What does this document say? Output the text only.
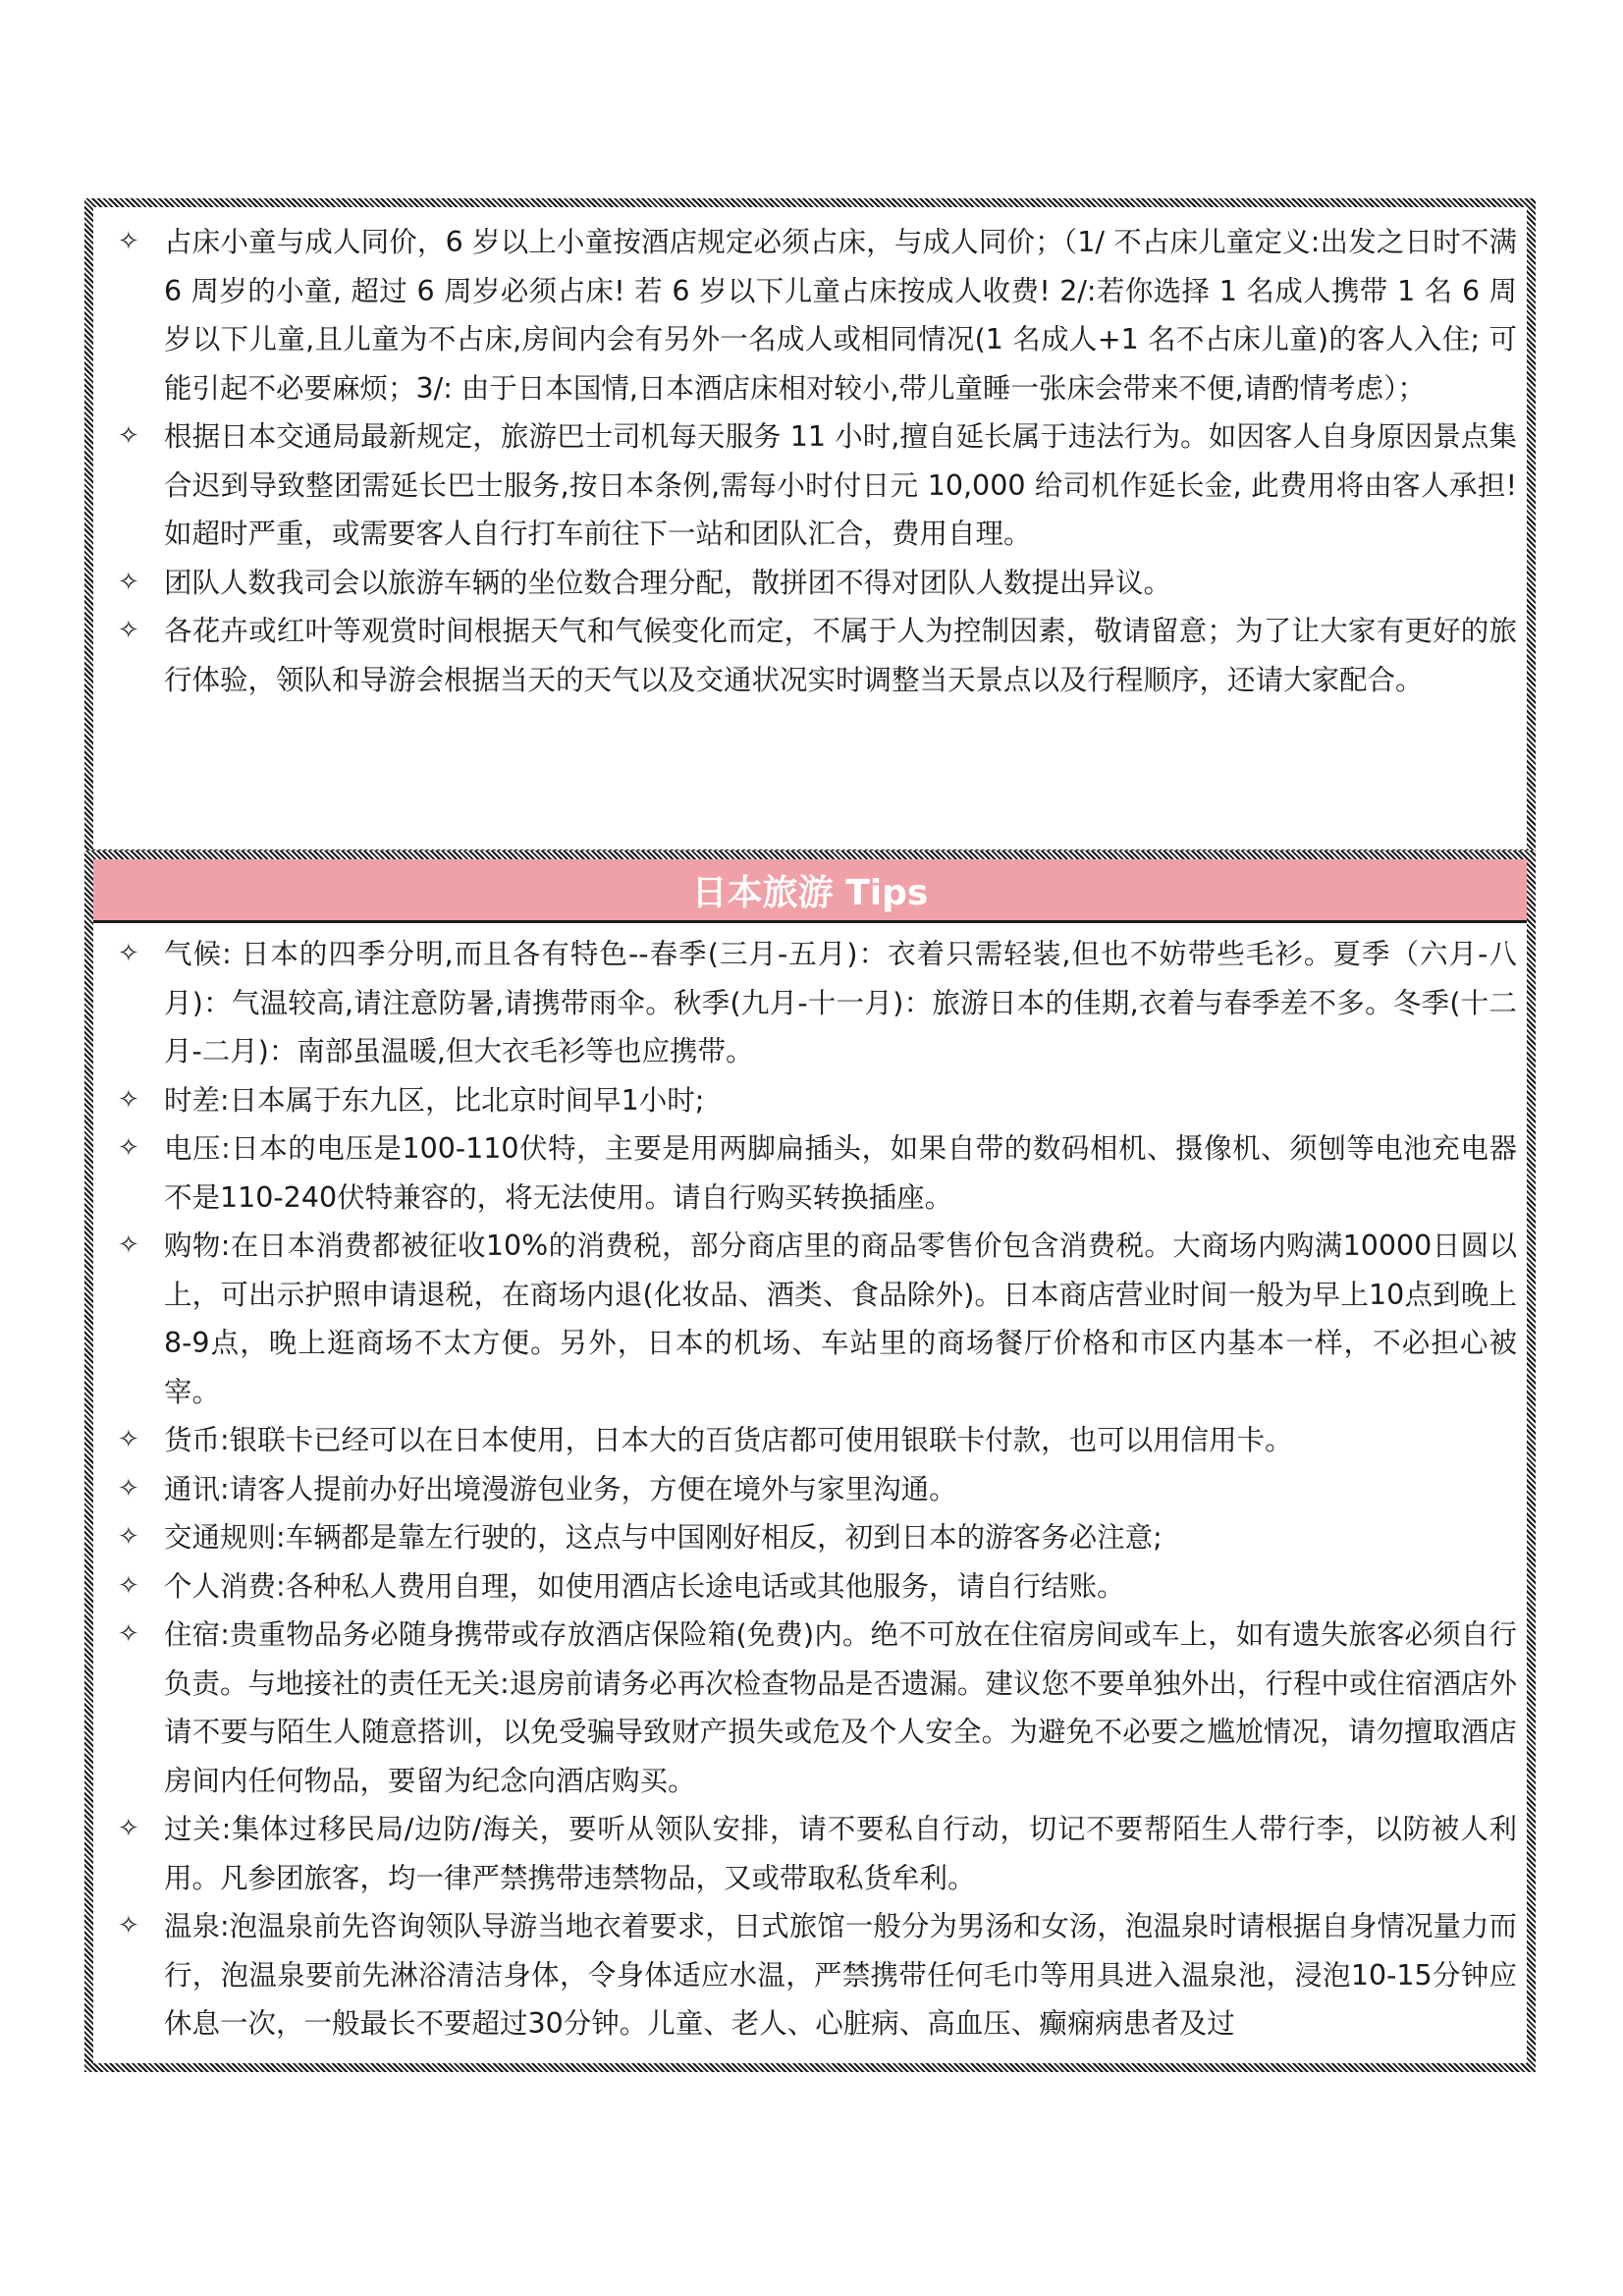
✧ 占床小童与成人同价，6 岁以上小童按酒店规定必须占床，与成人同价；（1/ 不占床儿童定义:出发之日时不满 6 周岁的小童, 超过 6 周岁必须占床! 若 6 岁以下儿童占床按成人收费! 2/:若你选择 1 名成人携带 1 名 6 周岁以下儿童,且儿童为不占床,房间内会有另外一名成人或相同情况(1 名成人+1 名不占床儿童)的客人入住; 可能引起不必要麻烦；3/: 由于日本国情,日本酒店床相对较小,带儿童睡一张床会带来不便,请酌情考虑）；
✧ 根据日本交通局最新规定，旅游巴士司机每天服务 11 小时,擅自延长属于违法行为。如因客人自身原因景点集合迟到导致整团需延长巴士服务,按日本条例,需每小时付日元 10,000 给司机作延长金, 此费用将由客人承担! 如超时严重，或需要客人自行打车前往下一站和团队汇合，费用自理。
✧ 团队人数我司会以旅游车辆的坐位数合理分配，散拼团不得对团队人数提出异议。
✧ 各花卉或红叶等观赏时间根据天气和气候变化而定，不属于人为控制因素，敬请留意；为了让大家有更好的旅行体验，领队和导游会根据当天的天气以及交通状况实时调整当天景点以及行程顺序，还请大家配合。
日本旅游 Tips
✧ 气候: 日本的四季分明,而且各有特色--春季(三月-五月)：衣着只需轻装,但也不妨带些毛衫。夏季（六月-八月)：气温较高,请注意防暑,请携带雨伞。秋季(九月-十一月)：旅游日本的佳期,衣着与春季差不多。冬季(十二月-二月)：南部虽温暖,但大衣毛衫等也应携带。
✧ 时差:日本属于东九区，比北京时间早1小时;
✧ 电压:日本的电压是100-110伏特，主要是用两脚扁插头，如果自带的数码相机、摄像机、须刨等电池充电器不是110-240伏特兼容的，将无法使用。请自行购买转换插座。
✧ 购物:在日本消费都被征收10%的消费税，部分商店里的商品零售价包含消费税。大商场内购满10000日圆以上，可出示护照申请退税，在商场内退(化妆品、酒类、食品除外)。日本商店营业时间一般为早上10点到晚上8-9点，晚上逛商场不太方便。另外，日本的机场、车站里的商场餐厅价格和市区内基本一样，不必担心被宰。
✧ 货币:银联卡已经可以在日本使用，日本大的百货店都可使用银联卡付款，也可以用信用卡。
✧ 通讯:请客人提前办好出境漫游包业务，方便在境外与家里沟通。
✧ 交通规则:车辆都是靠左行驶的，这点与中国刚好相反，初到日本的游客务必注意;
✧ 个人消费:各种私人费用自理，如使用酒店长途电话或其他服务，请自行结账。
✧ 住宿:贵重物品务必随身携带或存放酒店保险箱(免费)内。绝不可放在住宿房间或车上，如有遗失旅客必须自行负责。与地接社的责任无关:退房前请务必再次检查物品是否遗漏。建议您不要单独外出，行程中或住宿酒店外请不要与陌生人随意搭训，以免受骗导致财产损失或危及个人安全。为避免不必要之尴尬情况，请勿擅取酒店房间内任何物品，要留为纪念向酒店购买。
✧ 过关:集体过移民局/边防/海关，要听从领队安排，请不要私自行动，切记不要帮陌生人带行李，以防被人利用。凡参团旅客，均一律严禁携带违禁物品，又或带取私货牟利。
✧ 温泉:泡温泉前先咨询领队导游当地衣着要求，日式旅馆一般分为男汤和女汤，泡温泉时请根据自身情况量力而行，泡温泉要前先淋浴清洁身体，令身体适应水温，严禁携带任何毛巾等用具进入温泉池，浸泡10-15分钟应休息一次，一般最长不要超过30分钟。儿童、老人、心脏病、高血压、癫痫病患者及过
